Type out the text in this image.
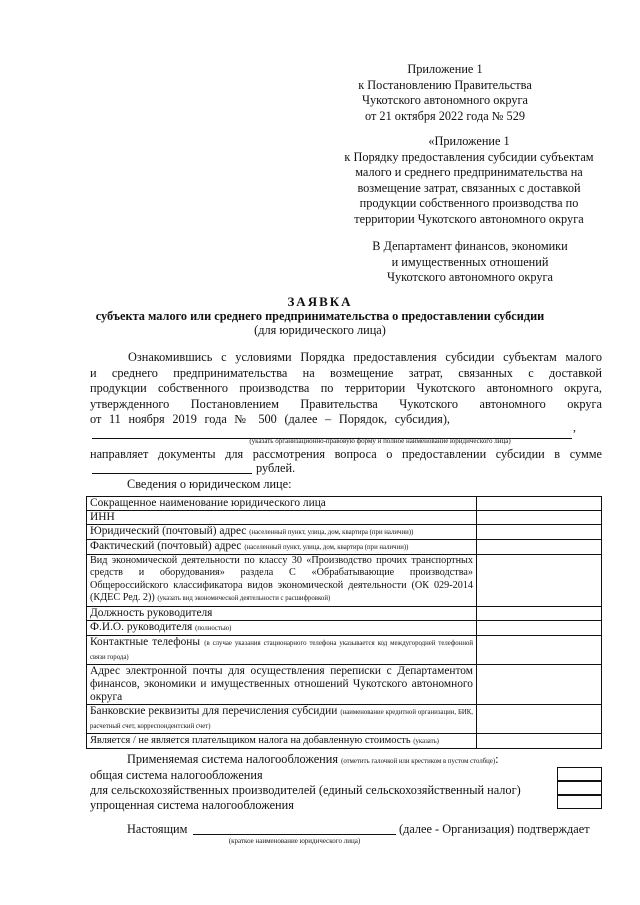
Приложение 1
к Постановлению Правительства
Чукотского автономного округа
от 21 октября 2022 года № 529
«Приложение 1
к Порядку предоставления субсидии субъектам
малого и среднего предпринимательства на
возмещение затрат, связанных с доставкой
продукции собственного производства по
территории Чукотского автономного округа
В Департамент финансов, экономики
и имущественных отношений
Чукотского автономного округа
ЗАЯВКА
субъекта малого или среднего предпринимательства о предоставлении субсидии
(для юридического лица)
Ознакомившись с условиями Порядка предоставления субсидии субъектам малого
и среднего предпринимательства на возмещение затрат, связанных с доставкой
продукции собственного производства по территории Чукотского автономного округа,
утвержденного Постановлением Правительства Чукотского автономного округа
от 11 ноября 2019 года № 500 (далее – Порядок, субсидия),
,
(указать организационно-правовую форму и полное наименование юридического лица)
направляет документы для рассмотрения вопроса о предоставлении субсидии в сумме
рублей.
Сведения о юридическом лице:
Сокращенное наименование юридического лица	
ИНН	
Юридический (почтовый) адрес (населенный пункт, улица, дом, квартира (при наличии))	
Фактический (почтовый) адрес (населенный пункт, улица, дом, квартира (при наличии))	
Вид экономической деятельности по классу 30 «Производство прочих транспортных средств и оборудования» раздела С «Обрабатывающие производства» Общероссийского классификатора видов экономической деятельности (ОК 029-2014 (КДЕС Ред. 2)) (указать вид экономической деятельности с расшифровкой)	
Должность руководителя	
Ф.И.О. руководителя (полностью)	
Контактные телефоны (в случае указания стационарного телефона указывается код междугородней телефонной связи города)	
Адрес электронной почты для осуществления переписки с Департаментом финансов, экономики и имущественных отношений Чукотского автономного округа	
Банковские реквизиты для перечисления субсидии (наименование кредитной организации, БИК, расчетный счет, корреспондентский счет)	
Является / не является плательщиком налога на добавленную стоимость (указать)	
Применяемая система налогообложения (отметить галочкой или крестиком в пустом столбце):
общая система налогообложения
для сельскохозяйственных производителей (единый сельскохозяйственный налог)
упрощенная система налогообложения
Настоящим	(далее - Организация) подтверждает
(краткое наименование юридического лица)
